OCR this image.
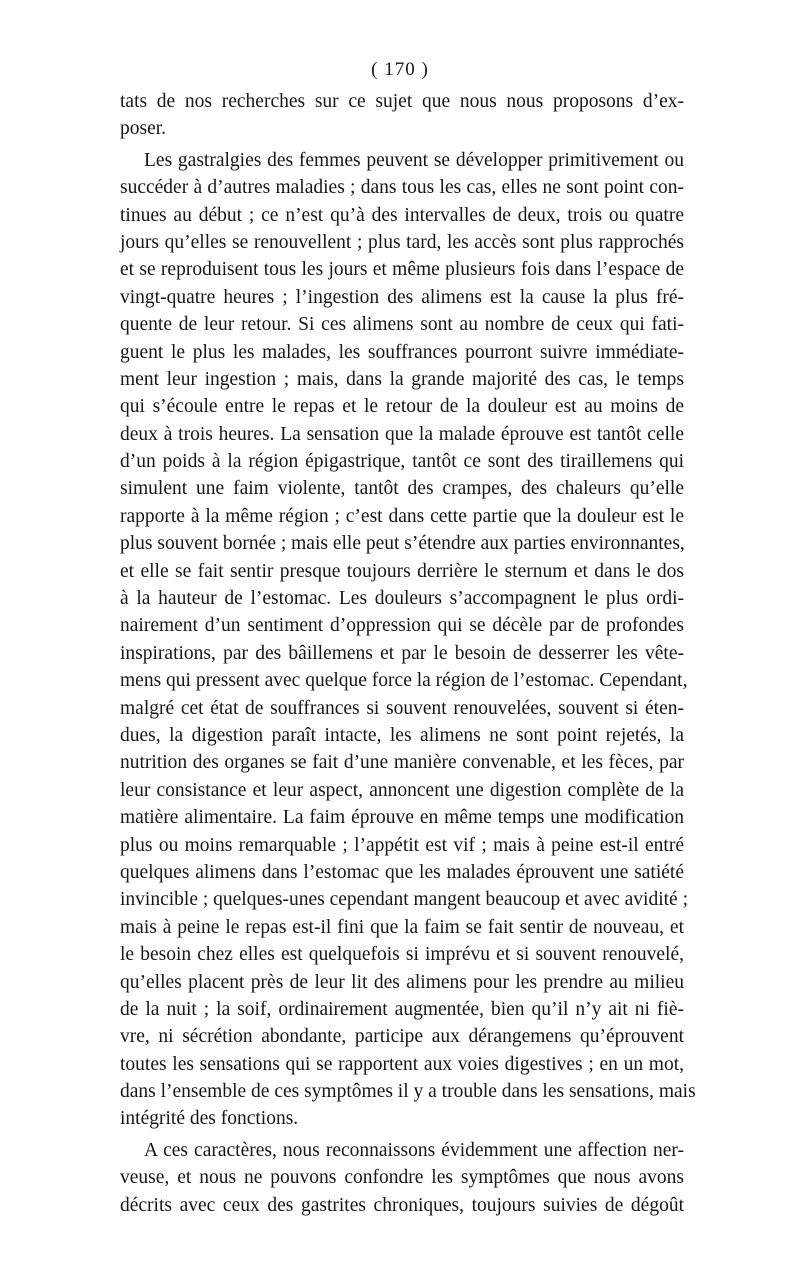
( 170 )
tats de nos recherches sur ce sujet que nous nous proposons d’ex-
poser.
Les gastralgies des femmes peuvent se développer primitivement ou
succéder à d’autres maladies ; dans tous les cas, elles ne sont point con-
tinues au début ; ce n’est qu’à des intervalles de deux, trois ou quatre
jours qu’elles se renouvellent ; plus tard, les accès sont plus rapprochés
et se reproduisent tous les jours et même plusieurs fois dans l’espace de
vingt-quatre heures ; l’ingestion des alimens est la cause la plus fré-
quente de leur retour. Si ces alimens sont au nombre de ceux qui fati-
guent le plus les malades, les souffrances pourront suivre immédiate-
ment leur ingestion ; mais, dans la grande majorité des cas, le temps
qui s’écoule entre le repas et le retour de la douleur est au moins de
deux à trois heures. La sensation que la malade éprouve est tantôt celle
d’un poids à la région épigastrique, tantôt ce sont des tiraillemens qui
simulent une faim violente, tantôt des crampes, des chaleurs qu’elle
rapporte à la même région ; c’est dans cette partie que la douleur est le
plus souvent bornée ; mais elle peut s’étendre aux parties environnantes,
et elle se fait sentir presque toujours derrière le sternum et dans le dos
à la hauteur de l’estomac. Les douleurs s’accompagnent le plus ordi-
nairement d’un sentiment d’oppression qui se décèle par de profondes
inspirations, par des bâillemens et par le besoin de desserrer les vête-
mens qui pressent avec quelque force la région de l’estomac. Cependant,
malgré cet état de souffrances si souvent renouvelées, souvent si éten-
dues, la digestion paraît intacte, les alimens ne sont point rejetés, la
nutrition des organes se fait d’une manière convenable, et les fèces, par
leur consistance et leur aspect, annoncent une digestion complète de la
matière alimentaire. La faim éprouve en même temps une modification
plus ou moins remarquable ; l’appétit est vif ; mais à peine est-il entré
quelques alimens dans l’estomac que les malades éprouvent une satiété
invincible ; quelques-unes cependant mangent beaucoup et avec avidité ;
mais à peine le repas est-il fini que la faim se fait sentir de nouveau, et
le besoin chez elles est quelquefois si imprévu et si souvent renouvelé,
qu’elles placent près de leur lit des alimens pour les prendre au milieu
de la nuit ; la soif, ordinairement augmentée, bien qu’il n’y ait ni fiè-
vre, ni sécrétion abondante, participe aux dérangemens qu’éprouvent
toutes les sensations qui se rapportent aux voies digestives ; en un mot,
dans l’ensemble de ces symptômes il y a trouble dans les sensations, mais
intégrité des fonctions.
A ces caractères, nous reconnaissons évidemment une affection ner-
veuse, et nous ne pouvons confondre les symptômes que nous avons
décrits avec ceux des gastrites chroniques, toujours suivies de dégoût
